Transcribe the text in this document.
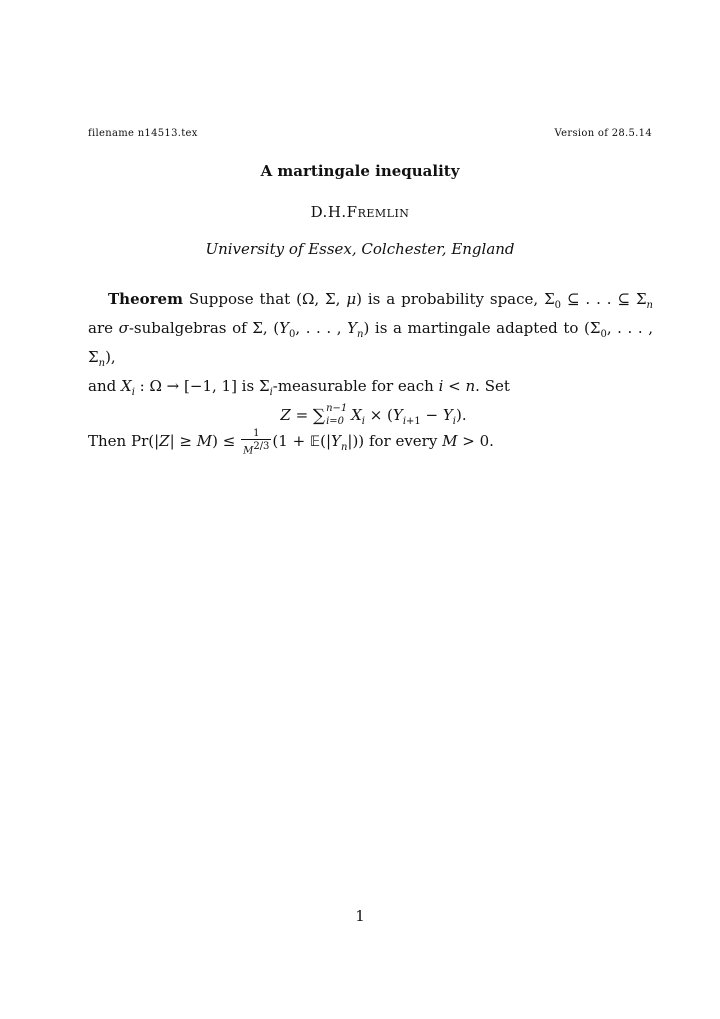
filename n14513.tex	Version of 28.5.14
A martingale inequality
D.H.Fremlin
University of Essex, Colchester, England

Theorem Suppose that (Ω, Σ, μ) is a probability space, $\Sigma_0$ ⊆ . . . ⊆ $\Sigma_n$

are σ-subalgebras of Σ, ($Y_0$, . . . , $Y_n$) is a martingale adapted to ($\Sigma_0$, . . . , $\Sigma_n$),

and $X_i$ : Ω → [−1, 1] is $\Sigma_i$-measurable for each i < n. Set

Z = ∑ n−1
i=0 $X_i \times (Y_{i+1} - Y_i)$.

Then $Pr(|Z| \ge M) \le \frac{1}{M^{2/3}} (1$ + $𝔼(|Y_n|)$) for every M > 0.

1
